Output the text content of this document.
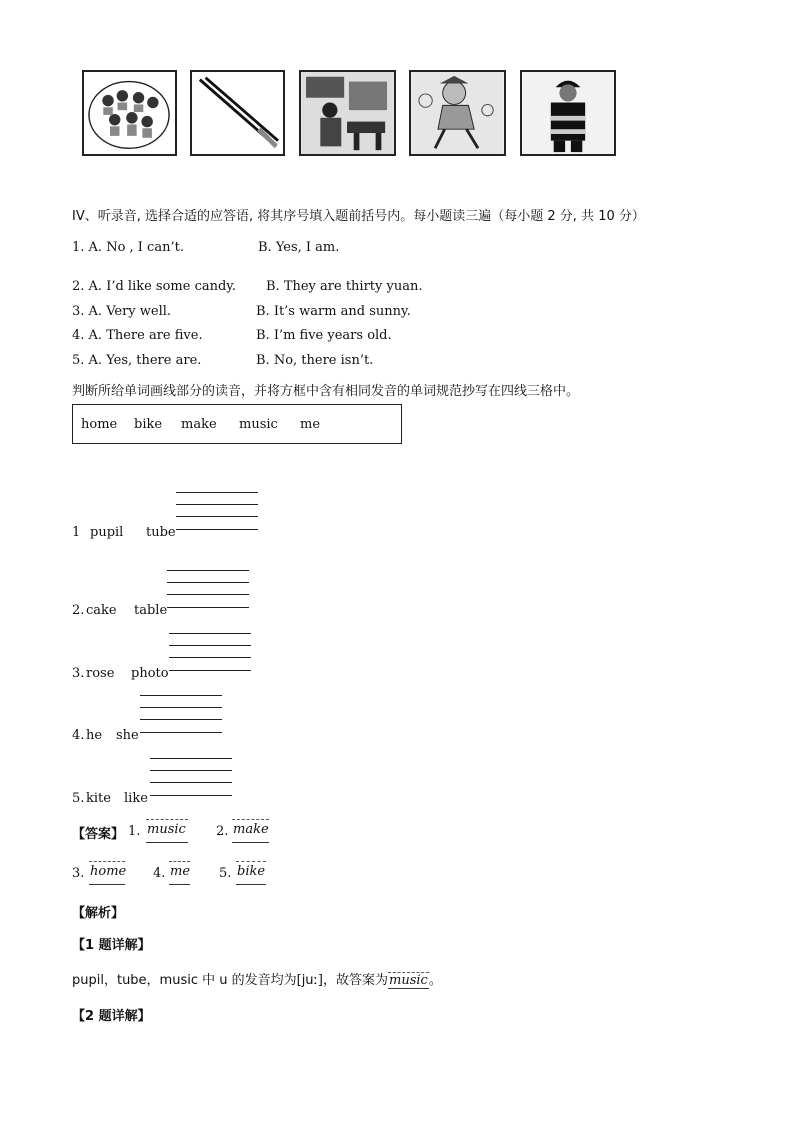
IV、听录音, 选择合适的应答语, 将其序号填入题前括号内。每小题读三遍（每小题 2 分, 共 10 分）
1. A. No , I can’t.	B. Yes, I am.
2. A. I’d like some candy. B. They are thirty yuan.
3. A. Very well.	B. It’s warm and sunny.
4. A. There are five.	B. I’m five years old.
5. A. Yes, there are.	B. No, there isn’t.
判断所给单词画线部分的读音，并将方框中含有相同发音的单词规范抄写在四线三格中。
home bike make music me
1 pupil tube
2. cake table
3. rose photo
4. he she
5. kite like
【答案】 1. music 2. make
3. home 4. me 5. bike
【解析】
【1 题详解】
pupil，tube，music 中 u 的发音均为[juː]，故答案为music。
【2 题详解】
